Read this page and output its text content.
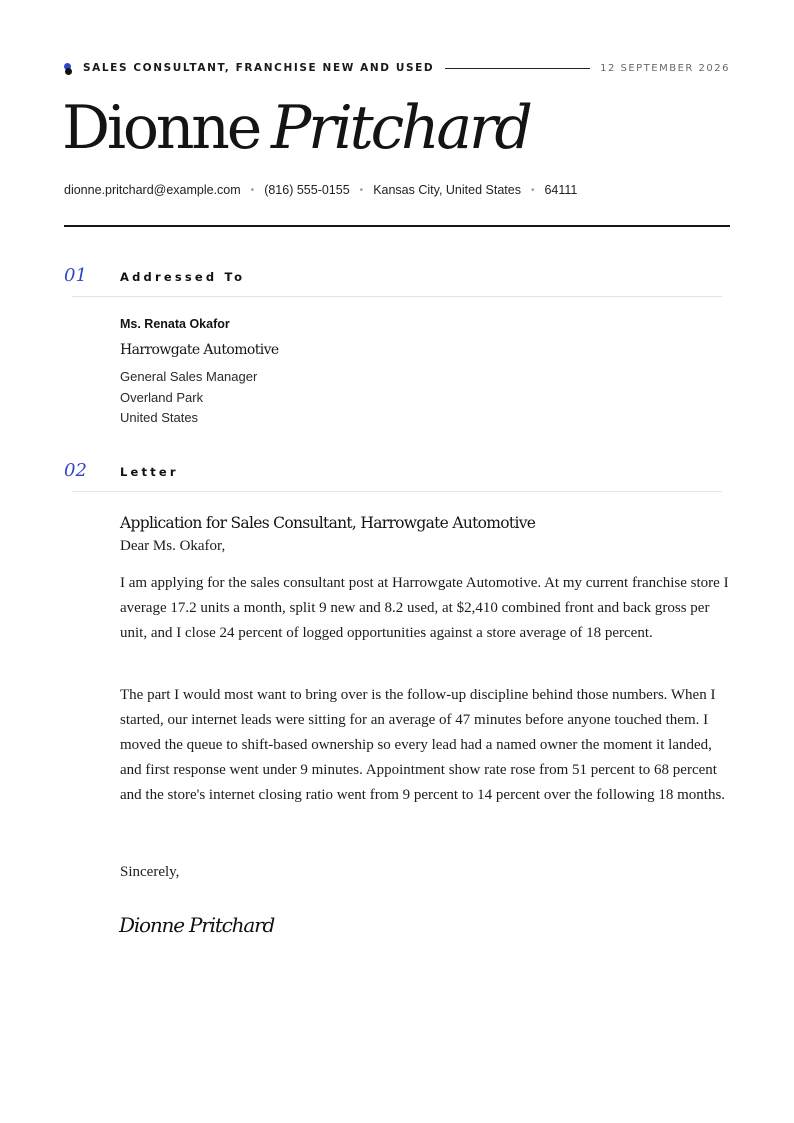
SALES CONSULTANT, FRANCHISE NEW AND USED	12 SEPTEMBER 2026
Dionne Pritchard
dionne.pritchard@example.com • (816) 555-0155 • Kansas City, United States • 64111
01	Addressed To
Ms. Renata Okafor
Harrowgate Automotive
General Sales Manager
Overland Park
United States
02	Letter
Application for Sales Consultant, Harrowgate Automotive
Dear Ms. Okafor,

I am applying for the sales consultant post at Harrowgate Automotive. At my current franchise store I average 17.2 units a month, split 9 new and 8.2 used, at $2,410 combined front and back gross per unit, and I close 24 percent of logged opportunities against a store average of 18 percent.

The part I would most want to bring over is the follow-up discipline behind those numbers. When I started, our internet leads were sitting for an average of 47 minutes before anyone touched them. I moved the queue to shift-based ownership so every lead had a named owner the moment it landed, and first response went under 9 minutes. Appointment show rate rose from 51 percent to 68 percent and the store's internet closing ratio went from 9 percent to 14 percent over the following 18 months.

Sincerely,
Dionne Pritchard
